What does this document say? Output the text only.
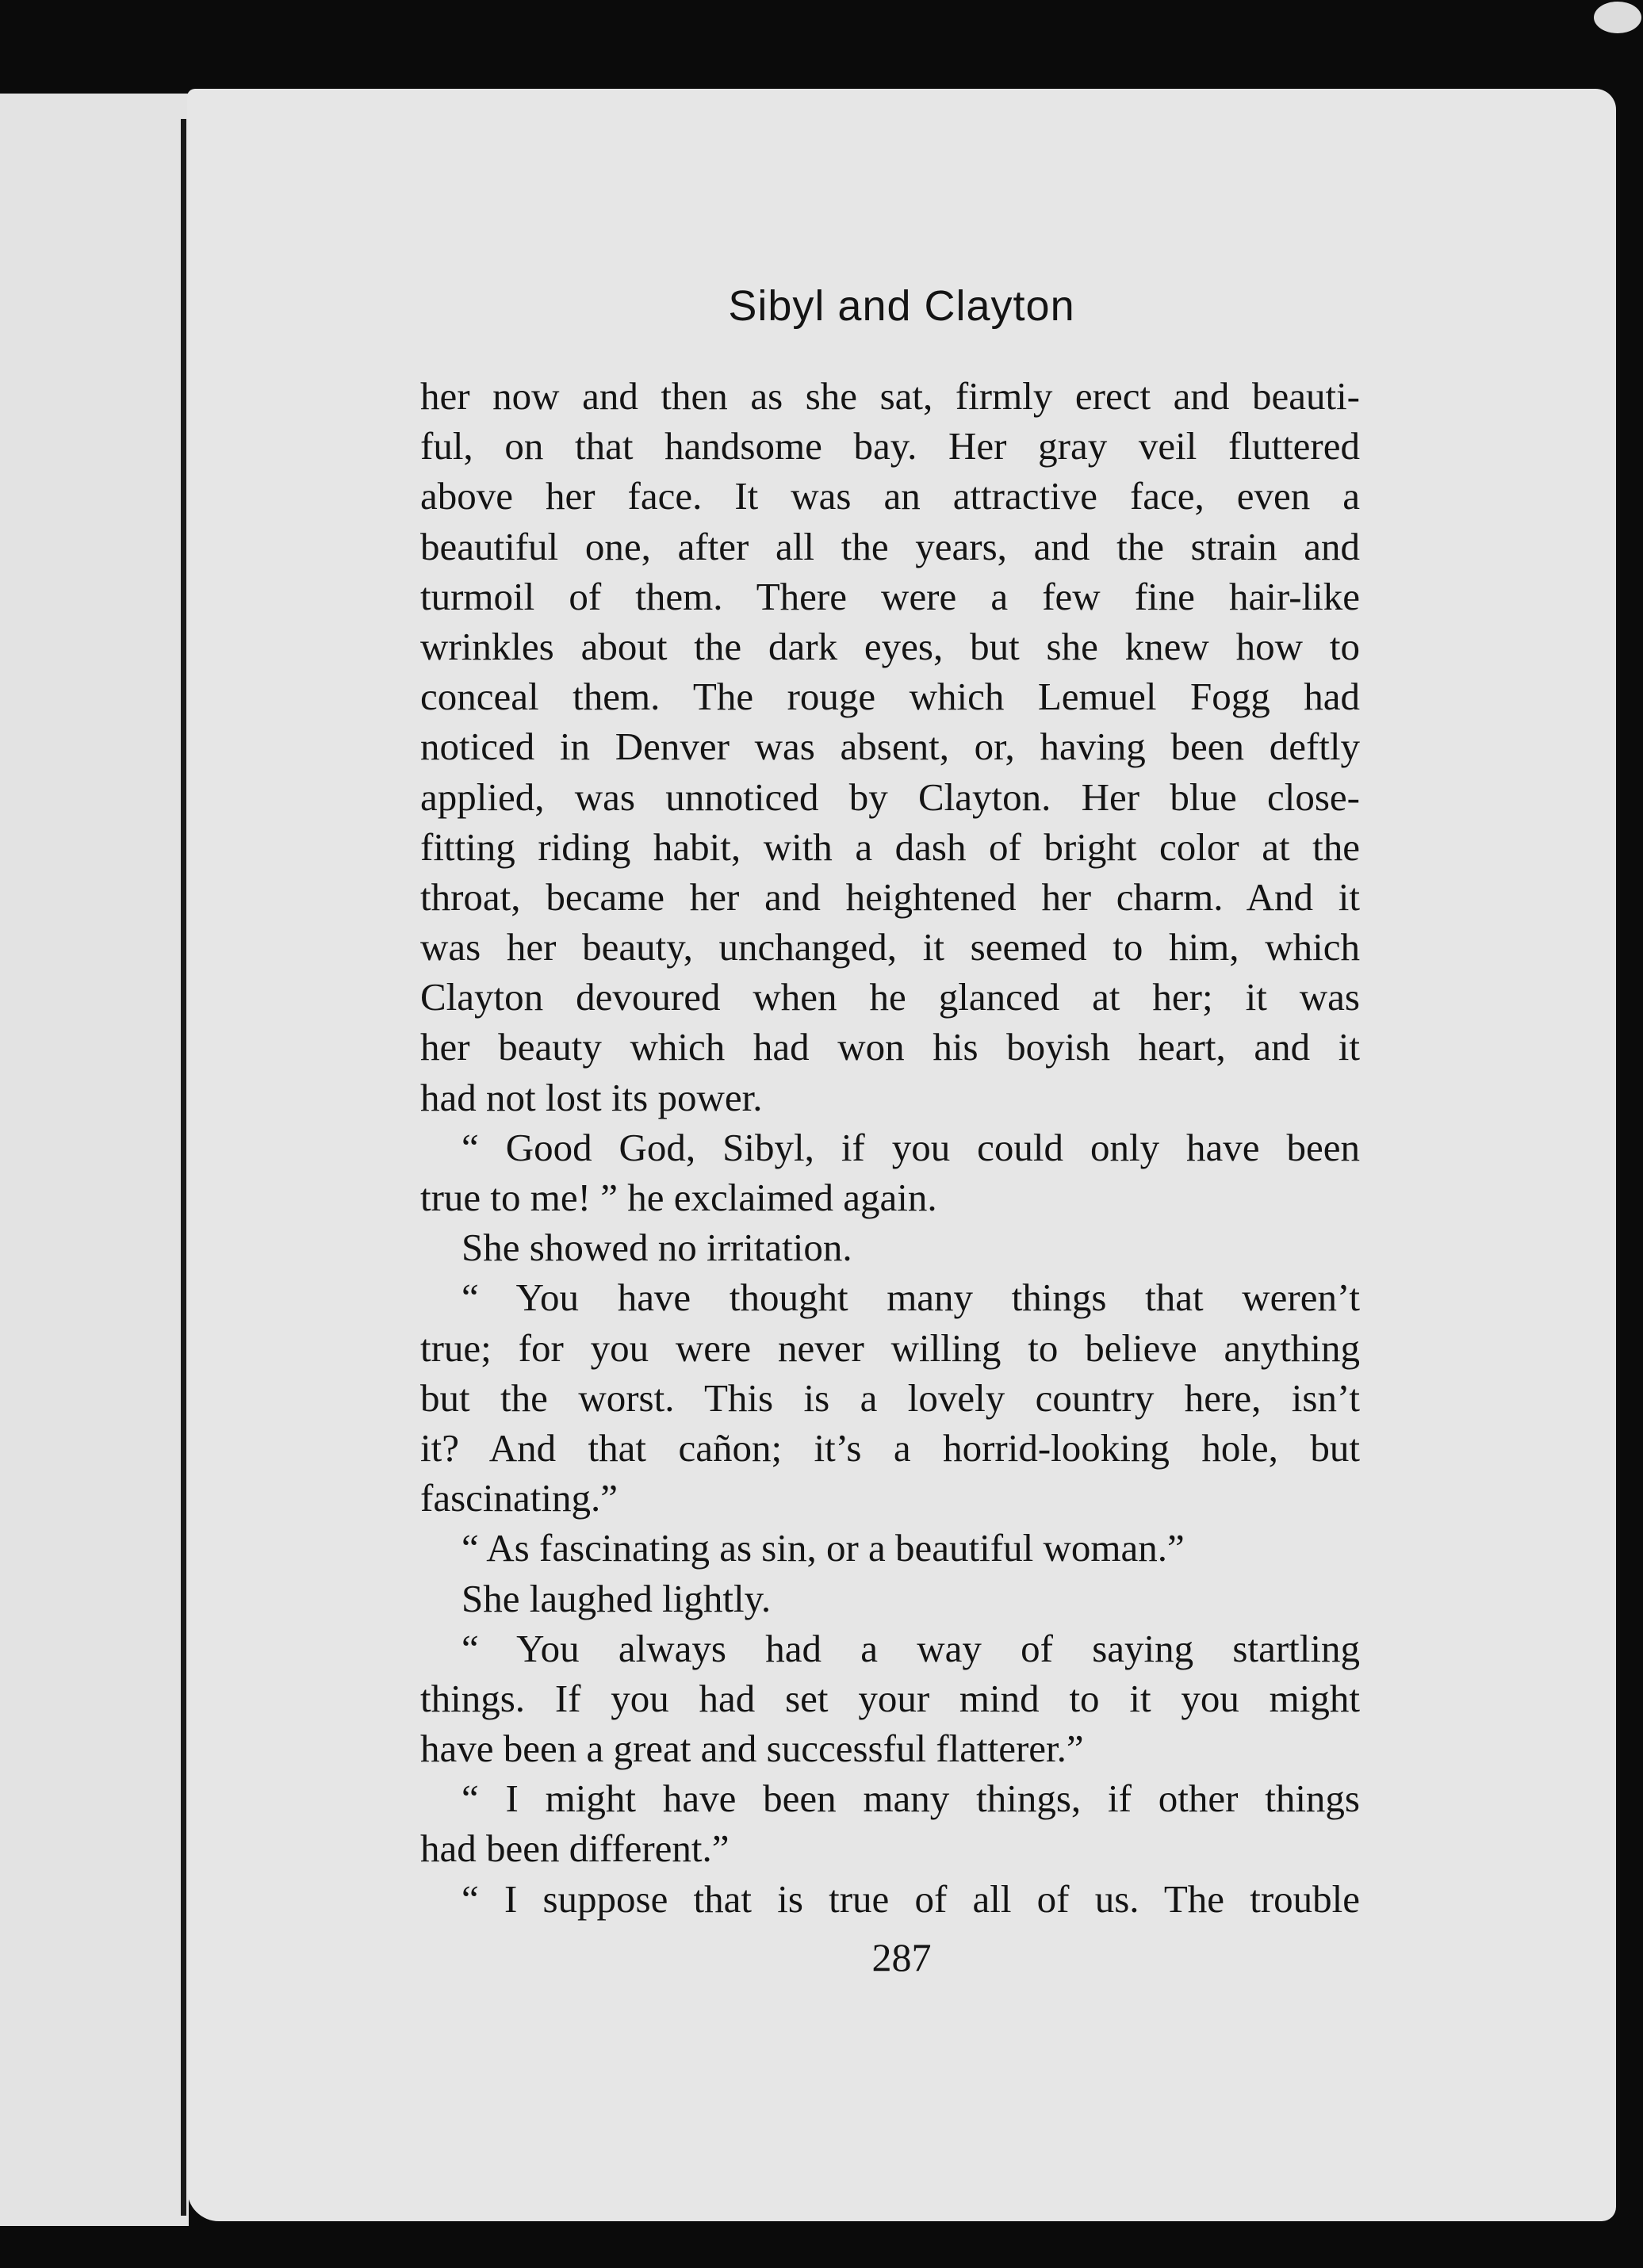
Sibyl and Clayton
her now and then as she sat, firmly erect and beauti-
ful, on that handsome bay. Her gray veil fluttered
above her face. It was an attractive face, even a
beautiful one, after all the years, and the strain and
turmoil of them. There were a few fine hair-like
wrinkles about the dark eyes, but she knew how to
conceal them. The rouge which Lemuel Fogg had
noticed in Denver was absent, or, having been deftly
applied, was unnoticed by Clayton. Her blue close-
fitting riding habit, with a dash of bright color at the
throat, became her and heightened her charm. And it
was her beauty, unchanged, it seemed to him, which
Clayton devoured when he glanced at her; it was
her beauty which had won his boyish heart, and it
had not lost its power.
“ Good God, Sibyl, if you could only have been
true to me! ” he exclaimed again.
She showed no irritation.
“ You have thought many things that weren’t
true; for you were never willing to believe anything
but the worst. This is a lovely country here, isn’t
it? And that cañon; it’s a horrid-looking hole, but
fascinating.”
“ As fascinating as sin, or a beautiful woman.”
She laughed lightly.
“ You always had a way of saying startling
things. If you had set your mind to it you might
have been a great and successful flatterer.”
“ I might have been many things, if other things
had been different.”
“ I suppose that is true of all of us. The trouble
287
